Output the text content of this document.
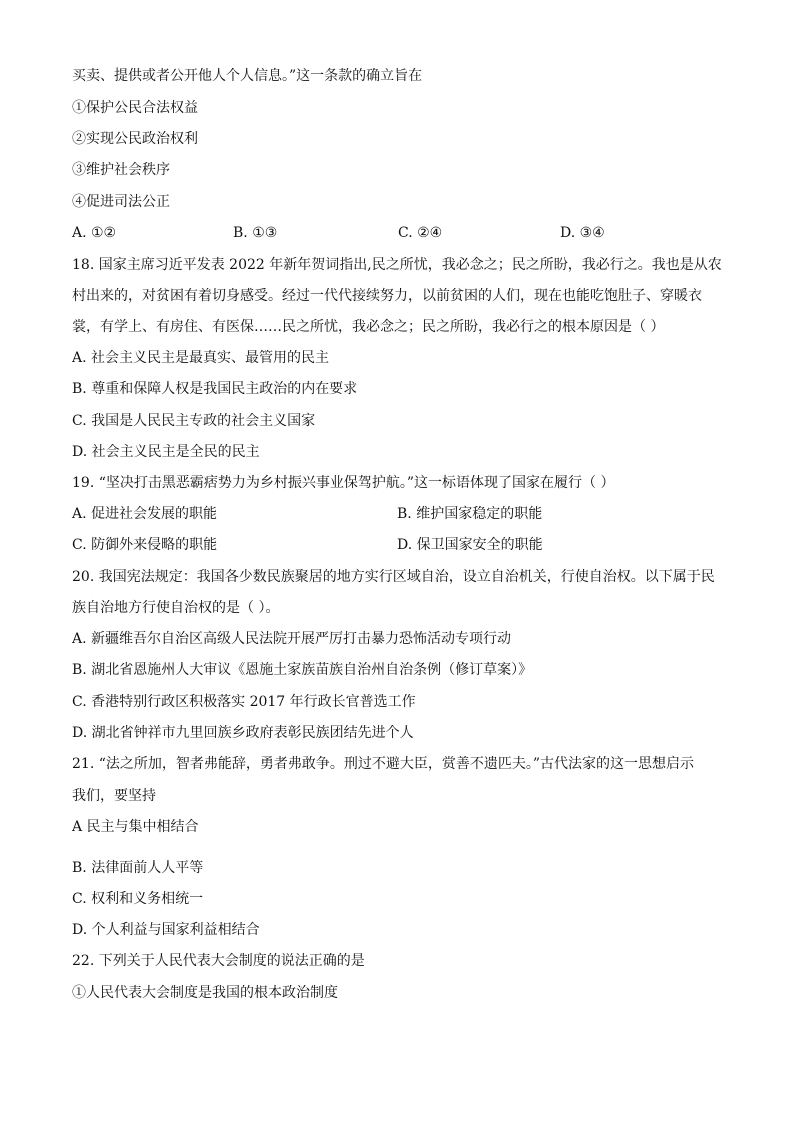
买卖、提供或者公开他人个人信息。”这一条款的确立旨在
①保护公民合法权益
②实现公民政治权利
③维护社会秩序
④促进司法公正
A. ①②	B. ①③	C. ②④	D. ③④
18. 国家主席习近平发表 2022 年新年贺词指出,民之所忧，我必念之；民之所盼，我必行之。我也是从农
村出来的，对贫困有着切身感受。经过一代代接续努力，以前贫困的人们，现在也能吃饱肚子、穿暖衣
裳，有学上、有房住、有医保……民之所忧，我必念之；民之所盼，我必行之的根本原因是（ ）
A. 社会主义民主是最真实、最管用的民主
B. 尊重和保障人权是我国民主政治的内在要求
C. 我国是人民民主专政的社会主义国家
D. 社会主义民主是全民的民主
19. “坚决打击黑恶霸痞势力为乡村振兴事业保驾护航。”这一标语体现了国家在履行（ ）
A. 促进社会发展的职能	B. 维护国家稳定的职能
C. 防御外来侵略的职能	D. 保卫国家安全的职能
20. 我国宪法规定：我国各少数民族聚居的地方实行区域自治，设立自治机关，行使自治权。以下属于民
族自治地方行使自治权的是（ ）。
A. 新疆维吾尔自治区高级人民法院开展严厉打击暴力恐怖活动专项行动
B. 湖北省恩施州人大审议《恩施土家族苗族自治州自治条例（修订草案）》
C. 香港特别行政区积极落实 2017 年行政长官普选工作
D. 湖北省钟祥市九里回族乡政府表彰民族团结先进个人
21. “法之所加，智者弗能辞，勇者弗敢争。刑过不避大臣，赏善不遗匹夫。”古代法家的这一思想启示
我们，要坚持
A 民主与集中相结合
B. 法律面前人人平等
C. 权利和义务相统一
D. 个人利益与国家利益相结合
22. 下列关于人民代表大会制度的说法正确的是
①人民代表大会制度是我国的根本政治制度
